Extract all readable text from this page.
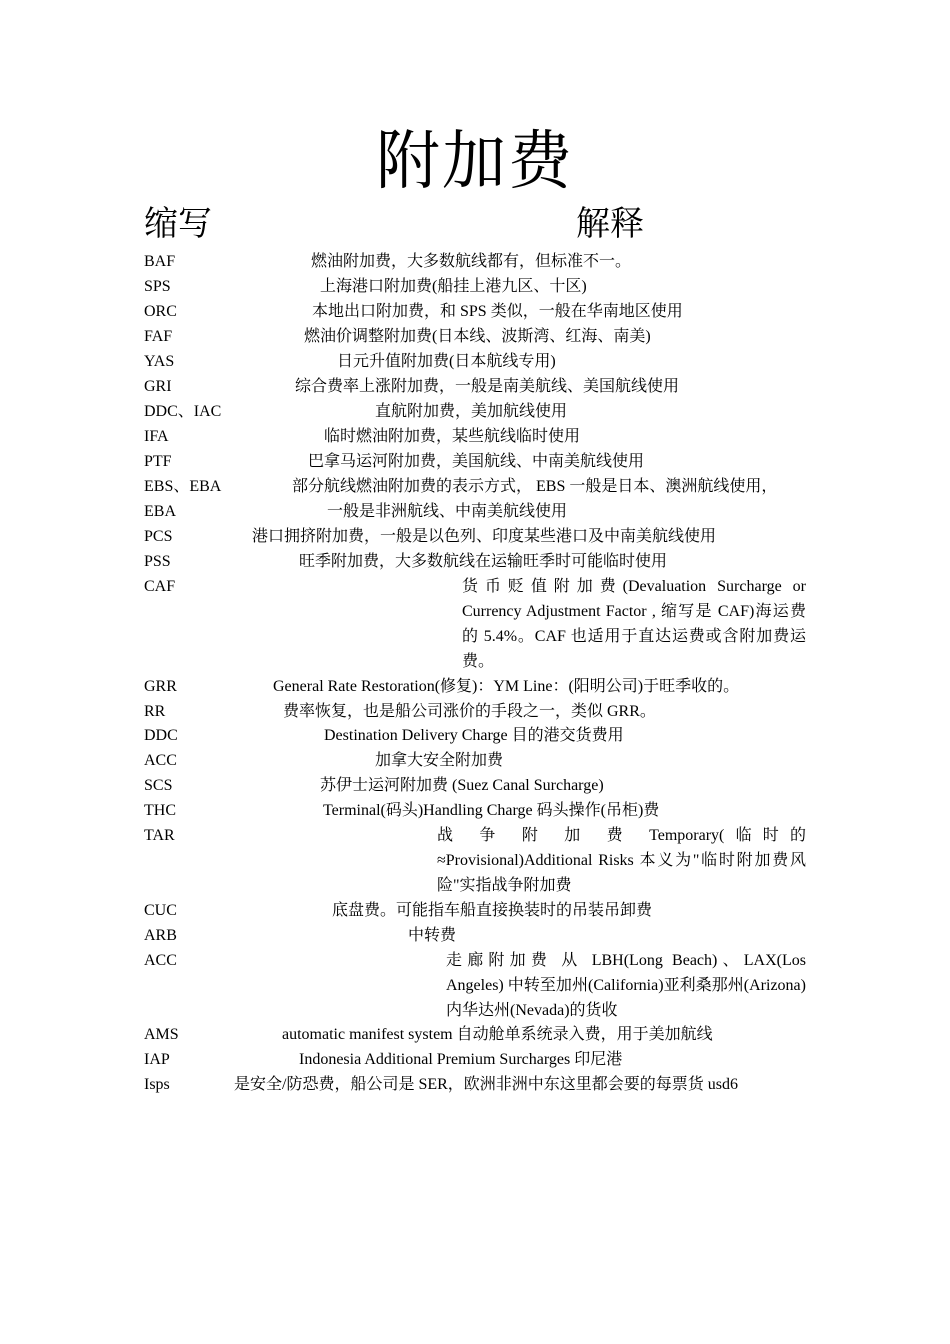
附加费
缩写	解释
BAF	燃油附加费，大多数航线都有，但标准不一。
SPS	上海港口附加费(船挂上港九区、十区)
ORC	本地出口附加费，和 SPS 类似，一般在华南地区使用
FAF	燃油价调整附加费(日本线、波斯湾、红海、南美)
YAS	日元升值附加费(日本航线专用)
GRI	综合费率上涨附加费，一般是南美航线、美国航线使用
DDC、IAC	直航附加费，美加航线使用
IFA	临时燃油附加费，某些航线临时使用
PTF	巴拿马运河附加费，美国航线、中南美航线使用
EBS、EBA	部分航线燃油附加费的表示方式， EBS 一般是日本、澳洲航线使用，
EBA	一般是非洲航线、中南美航线使用
PCS	港口拥挤附加费，一般是以色列、印度某些港口及中南美航线使用
PSS	旺季附加费，大多数航线在运输旺季时可能临时使用
CAF	货币贬值附加费(Devaluation Surcharge or Currency Adjustment Factor , 缩写是 CAF)海运费的 5.4%。CAF 也适用于直达运费或含附加费运费。
GRR	General Rate Restoration(修复)：YM Line：(阳明公司)于旺季收的。
RR	费率恢复，也是船公司涨价的手段之一，类似 GRR。
DDC	Destination Delivery Charge 目的港交货费用
ACC	加拿大安全附加费
SCS	苏伊士运河附加费 (Suez Canal Surcharge)
THC	Terminal(码头)Handling Charge 码头操作(吊柜)费
TAR	战 争 附 加 费 Temporary(临时的≈Provisional)Additional Risks 本义为"临时附加费风险"实指战争附加费
CUC	底盘费。可能指车船直接换装时的吊装吊卸费
ARB	中转费
ACC	走廊附加费 从 LBH(Long Beach)、LAX(Los Angeles) 中转至加州(California)亚利桑那州(Arizona)内华达州(Nevada)的货收
AMS	automatic manifest system 自动舱单系统录入费，用于美加航线
IAP	Indonesia Additional Premium Surcharges 印尼港
Isps	是安全/防恐费，船公司是 SER，欧洲非洲中东这里都会要的每票货 usd6
